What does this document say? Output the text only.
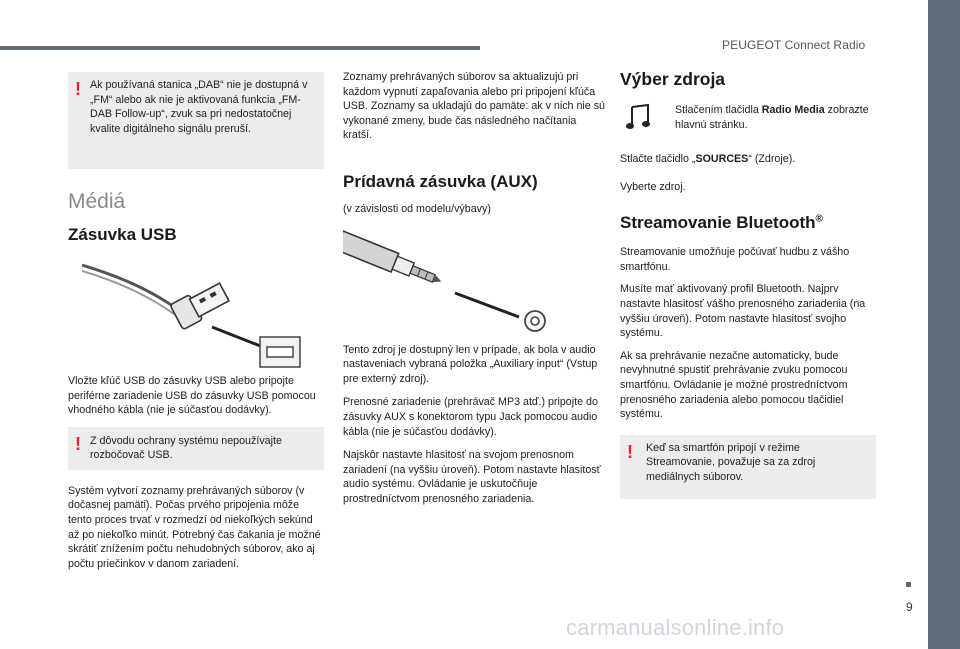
PEUGEOT Connect Radio
9
! Ak používaná stanica „DAB“ nie je dostupná v „FM“ alebo ak nie je aktivovaná funkcia „FM-DAB Follow-up“, zvuk sa pri nedostatočnej kvalite digitálneho signálu preruší.
Médiá
Zásuvka USB
Vložte kľúč USB do zásuvky USB alebo pripojte periférne zariadenie USB do zásuvky USB pomocou vhodného kábla (nie je súčasťou dodávky).
! Z dôvodu ochrany systému nepoužívajte rozbočovač USB.
Systém vytvorí zoznamy prehrávaných súborov (v dočasnej pamäti). Počas prvého pripojenia môže tento proces trvať v rozmedzí od niekoľkých sekúnd až po niekoľko minút. Potrebný čas čakania je možné skrátiť znížením počtu nehudobných súborov, ako aj počtu priečinkov v danom zariadení.
Zoznamy prehrávaných súborov sa aktualizujú pri každom vypnutí zapaľovania alebo pri pripojení kľúča USB. Zoznamy sa ukladajú do pamäte: ak v nich nie sú vykonané zmeny, bude čas následného načítania kratší.
Prídavná zásuvka (AUX)
(v závislosti od modelu/výbavy)
Tento zdroj je dostupný len v prípade, ak bola v audio nastaveniach vybraná položka „Auxiliary input“ (Vstup pre externý zdroj).
Prenosné zariadenie (prehrávač MP3 atď.) pripojte do zásuvky AUX s konektorom typu Jack pomocou audio kábla (nie je súčasťou dodávky).
Najskôr nastavte hlasitosť na svojom prenosnom zariadení (na vyššiu úroveň). Potom nastavte hlasitosť audio systému. Ovládanie je uskutočňuje prostredníctvom prenosného zariadenia.
Výber zdroja
Stlačením tlačidla Radio Media zobrazte hlavnú stránku.
Stlačte tlačidlo „SOURCES“ (Zdroje).
Vyberte zdroj.
Streamovanie Bluetooth®
Streamovanie umožňuje počúvať hudbu z vášho smartfónu.
Musíte mať aktivovaný profil Bluetooth. Najprv nastavte hlasitosť vášho prenosného zariadenia (na vyššiu úroveň). Potom nastavte hlasitosť svojho systému.
Ak sa prehrávanie nezačne automaticky, bude nevyhnutné spustiť prehrávanie zvuku pomocou smartfónu. Ovládanie je možné prostredníctvom prenosného zariadenia alebo pomocou tlačidiel systému.
!	Keď sa smartfón pripojí v režime Streamovanie, považuje sa za zdroj mediálnych súborov.
carmanualsonline.info
